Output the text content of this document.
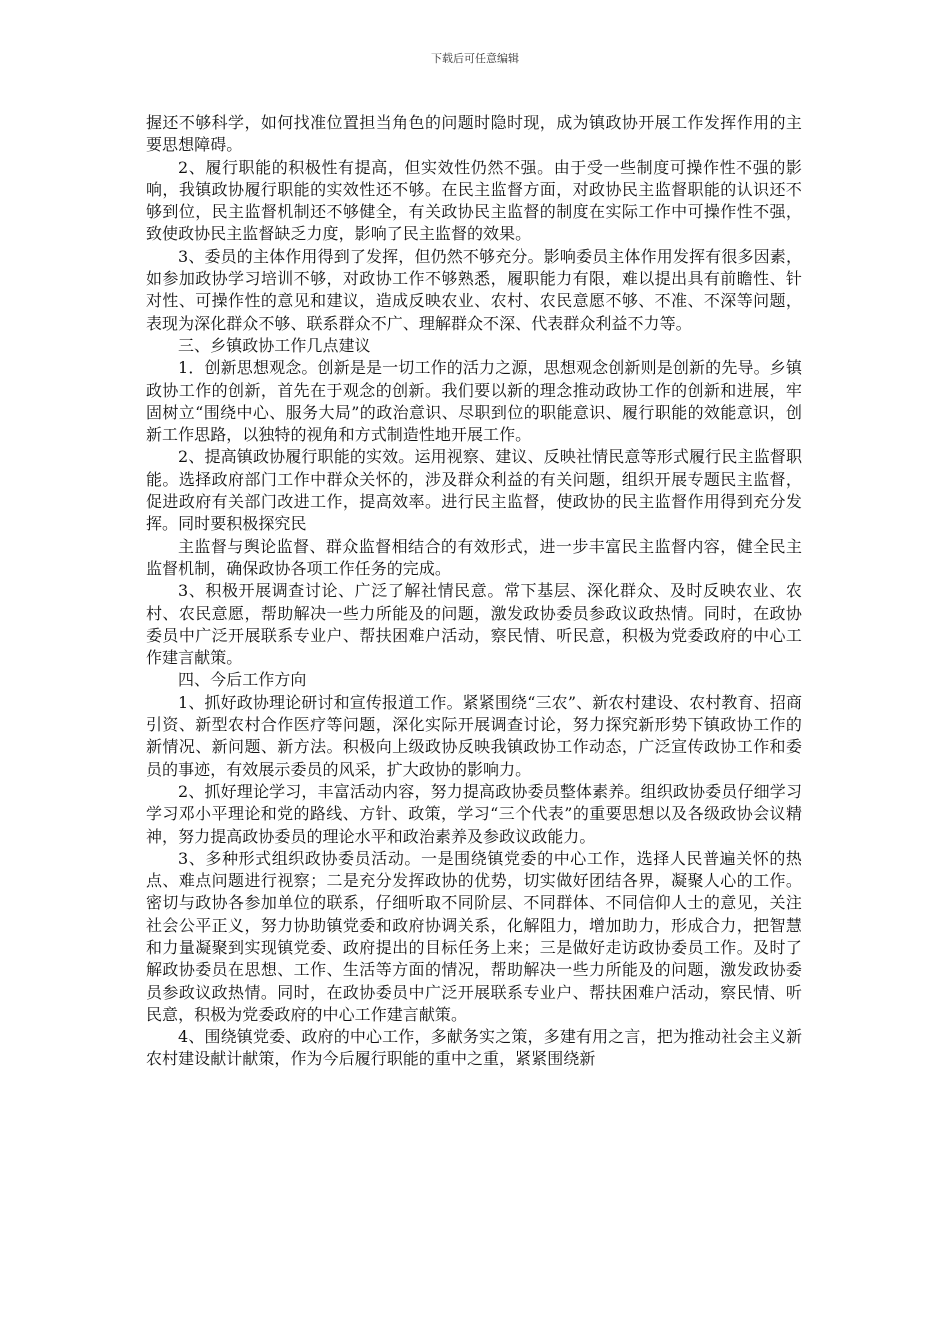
下载后可任意编辑

握还不够科学，如何找准位置担当角色的问题时隐时现，成为镇政协开展工作发挥作用的主要思想障碍。

2、履行职能的积极性有提高，但实效性仍然不强。由于受一些制度可操作性不强的影响，我镇政协履行职能的实效性还不够。在民主监督方面，对政协民主监督职能的认识还不够到位，民主监督机制还不够健全，有关政协民主监督的制度在实际工作中可操作性不强，致使政协民主监督缺乏力度，影响了民主监督的效果。

3、委员的主体作用得到了发挥，但仍然不够充分。影响委员主体作用发挥有很多因素，如参加政协学习培训不够，对政协工作不够熟悉，履职能力有限，难以提出具有前瞻性、针对性、可操作性的意见和建议，造成反映农业、农村、农民意愿不够、不准、不深等问题，表现为深化群众不够、联系群众不广、理解群众不深、代表群众利益不力等。

三、乡镇政协工作几点建议

1．创新思想观念。创新是是一切工作的活力之源，思想观念创新则是创新的先导。乡镇政协工作的创新，首先在于观念的创新。我们要以新的理念推动政协工作的创新和进展，牢固树立“围绕中心、服务大局”的政治意识、尽职到位的职能意识、履行职能的效能意识，创新工作思路，以独特的视角和方式制造性地开展工作。

2、提高镇政协履行职能的实效。运用视察、建议、反映社情民意等形式履行民主监督职能。选择政府部门工作中群众关怀的，涉及群众利益的有关问题，组织开展专题民主监督，促进政府有关部门改进工作，提高效率。进行民主监督，使政协的民主监督作用得到充分发挥。同时要积极探究民

主监督与舆论监督、群众监督相结合的有效形式，进一步丰富民主监督内容，健全民主监督机制，确保政协各项工作任务的完成。

3、积极开展调查讨论、广泛了解社情民意。常下基层、深化群众、及时反映农业、农村、农民意愿，帮助解决一些力所能及的问题，激发政协委员参政议政热情。同时，在政协委员中广泛开展联系专业户、帮扶困难户活动，察民情、听民意，积极为党委政府的中心工作建言献策。

四、今后工作方向

1、抓好政协理论研讨和宣传报道工作。紧紧围绕“三农”、新农村建设、农村教育、招商引资、新型农村合作医疗等问题，深化实际开展调查讨论，努力探究新形势下镇政协工作的新情况、新问题、新方法。积极向上级政协反映我镇政协工作动态，广泛宣传政协工作和委员的事迹，有效展示委员的风采，扩大政协的影响力。

2、抓好理论学习，丰富活动内容，努力提高政协委员整体素养。组织政协委员仔细学习学习邓小平理论和党的路线、方针、政策，学习“三个代表”的重要思想以及各级政协会议精神，努力提高政协委员的理论水平和政治素养及参政议政能力。

3、多种形式组织政协委员活动。一是围绕镇党委的中心工作，选择人民普遍关怀的热点、难点问题进行视察；二是充分发挥政协的优势，切实做好团结各界，凝聚人心的工作。密切与政协各参加单位的联系，仔细听取不同阶层、不同群体、不同信仰人士的意见，关注社会公平正义，努力协助镇党委和政府协调关系，化解阻力，增加助力，形成合力，把智慧和力量凝聚到实现镇党委、政府提出的目标任务上来；三是做好走访政协委员工作。及时了解政协委员在思想、工作、生活等方面的情况，帮助解决一些力所能及的问题，激发政协委员参政议政热情。同时，在政协委员中广泛开展联系专业户、帮扶困难户活动，察民情、听民意，积极为党委政府的中心工作建言献策。

4、围绕镇党委、政府的中心工作，多献务实之策，多建有用之言，把为推动社会主义新农村建设献计献策，作为今后履行职能的重中之重，紧紧围绕新
